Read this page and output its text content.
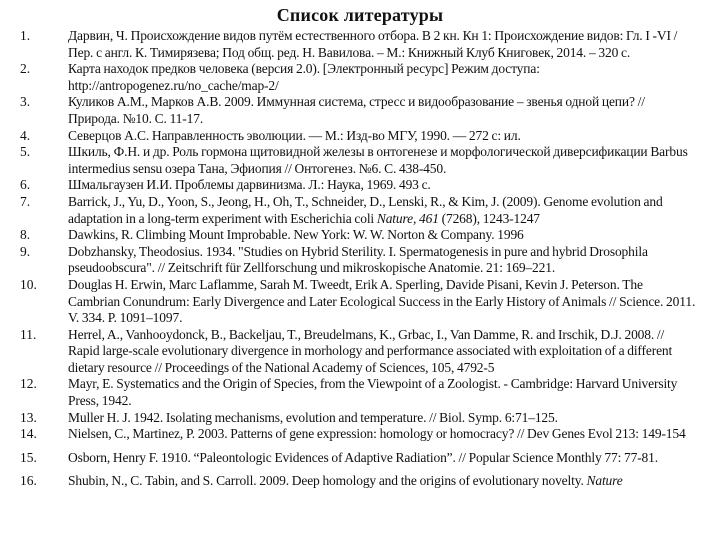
Список литературы
1.	Дарвин, Ч. Происхождение видов путём естественного отбора. В 2 кн. Кн 1: Происхождение видов: Гл. I -VI / Пер. с англ. К. Тимирязева; Под общ. ред. Н. Вавилова. – М.: Книжный Клуб Книговек, 2014. – 320 с.
2.	Карта находок предков человека (версия 2.0). [Электронный ресурс] Режим доступа: http://antropogenez.ru/no_cache/map-2/
3.	Куликов А.М., Марков А.В. 2009. Иммунная система, стресс и видообразование – звенья одной цепи? // Природа. №10. С. 11-17.
4.	Северцов А.С. Направленность эволюции. — М.: Изд-во МГУ, 1990. — 272 с: ил.
5.	Шкиль, Ф.Н. и др. Роль гормона щитовидной железы в онтогенезе и морфологической диверсификации Barbus intermedius sensu озера Тана, Эфиопия // Онтогенез. №6. С. 438-450.
6.	Шмальгаузен И.И. Проблемы дарвинизма. Л.: Наука, 1969. 493 с.
7.	Barrick, J., Yu, D., Yoon, S., Jeong, H., Oh, T., Schneider, D., Lenski, R., & Kim, J. (2009). Genome evolution and adaptation in a long-term experiment with Escherichia coli Nature, 461 (7268), 1243-1247
8.	Dawkins, R. Climbing Mount Improbable. New York: W. W. Norton & Company. 1996
9.	Dobzhansky, Theodosius. 1934. "Studies on Hybrid Sterility. I. Spermatogenesis in pure and hybrid Drosophila pseudoobscura". // Zeitschrift für Zellforschung und mikroskopische Anatomie. 21: 169–221.
10.	Douglas H. Erwin, Marc Laflamme, Sarah M. Tweedt, Erik A. Sperling, Davide Pisani, Kevin J. Peterson. The Cambrian Conundrum: Early Divergence and Later Ecological Success in the Early History of Animals // Science. 2011. V. 334. P. 1091–1097.
11.	Herrel, A., Vanhooydonck, B., Backeljau, T., Breudelmans, K., Grbac, I., Van Damme, R. and Irschik, D.J. 2008. // Rapid large-scale evolutionary divergence in morhology and performance associated with exploitation of a different dietary resource // Proceedings of the National Academy of Sciences, 105, 4792-5
12.	Mayr, E. Systematics and the Origin of Species, from the Viewpoint of a Zoologist. - Cambridge: Harvard University Press, 1942.
13.	Muller H. J. 1942. Isolating mechanisms, evolution and temperature. // Biol. Symp. 6:71–125.
14.	Nielsen, C., Martinez, P. 2003. Patterns of gene expression: homology or homocracy? // Dev Genes Evol 213: 149-154
15.	Osborn, Henry F. 1910. “Paleontologic Evidences of Adaptive Radiation”. // Popular Science Monthly 77: 77-81.
16.	Shubin, N., C. Tabin, and S. Carroll. 2009. Deep homology and the origins of evolutionary novelty. Nature
